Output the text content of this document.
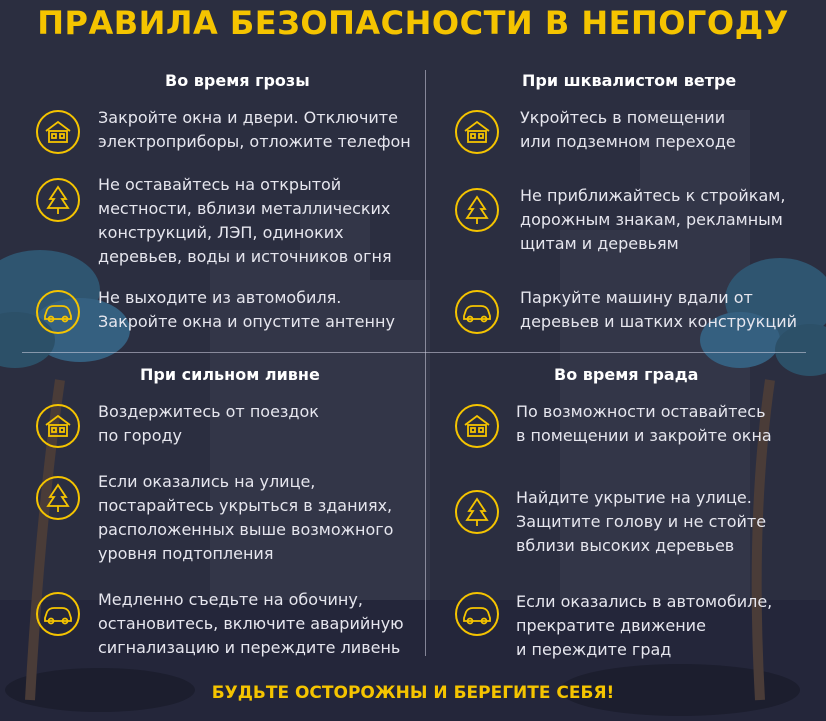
ПРАВИЛА БЕЗОПАСНОСТИ В НЕПОГОДУ
Во время грозы
Закройте окна и двери. Отключите
электроприборы, отложите телефон
Не оставайтесь на открытой
местности, вблизи металлических
конструкций, ЛЭП, одиноких
деревьев, воды и источников огня
Не выходите из автомобиля.
Закройте окна и опустите антенну
При шквалистом ветре
Укройтесь в помещении
или подземном переходе
Не приближайтесь к стройкам,
дорожным знакам, рекламным
щитам и деревьям
Паркуйте машину вдали от
деревьев и шатких конструкций
При сильном ливне
Воздержитесь от поездок
по городу
Если оказались на улице,
постарайтесь укрыться в зданиях,
расположенных выше возможного
уровня подтопления
Медленно съедьте на обочину,
остановитесь, включите аварийную
сигнализацию и переждите ливень
Во время града
По возможности оставайтесь
в помещении и закройте окна
Найдите укрытие на улице.
Защитите голову и не стойте
вблизи высоких деревьев
Если оказались в автомобиле,
прекратите движение
и переждите град
БУДЬТЕ ОСТОРОЖНЫ И БЕРЕГИТЕ СЕБЯ!
